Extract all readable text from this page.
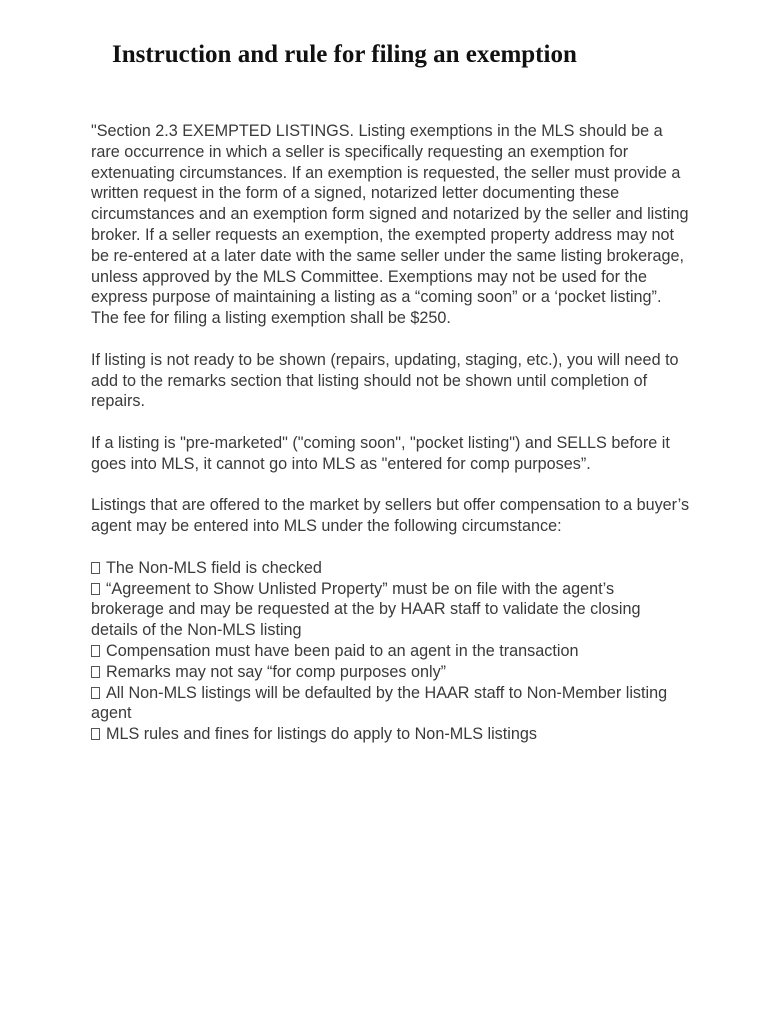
Instruction and rule for filing an exemption

"Section 2.3 EXEMPTED LISTINGS. Listing exemptions in the MLS should be a rare occurrence in which a seller is specifically requesting an exemption for extenuating circumstances. If an exemption is requested, the seller must provide a written request in the form of a signed, notarized letter documenting these circumstances and an exemption form signed and notarized by the seller and listing broker. If a seller requests an exemption, the exempted property address may not be re-entered at a later date with the same seller under the same listing brokerage, unless approved by the MLS Committee. Exemptions may not be used for the express purpose of maintaining a listing as a “coming soon” or a ‘pocket listing”. The fee for filing a listing exemption shall be $250.

If listing is not ready to be shown (repairs, updating, staging, etc.), you will need to add to the remarks section that listing should not be shown until completion of repairs.

If a listing is "pre-marketed" ("coming soon", "pocket listing") and SELLS before it goes into MLS, it cannot go into MLS as "entered for comp purposes”.

Listings that are offered to the market by sellers but offer compensation to a buyer’s agent may be entered into MLS under the following circumstance:

The Non-MLS field is checked
“Agreement to Show Unlisted Property” must be on file with the agent’s brokerage and may be requested at the by HAAR staff to validate the closing details of the Non-MLS listing
Compensation must have been paid to an agent in the transaction
Remarks may not say “for comp purposes only”
All Non-MLS listings will be defaulted by the HAAR staff to Non-Member listing agent
MLS rules and fines for listings do apply to Non-MLS listings
